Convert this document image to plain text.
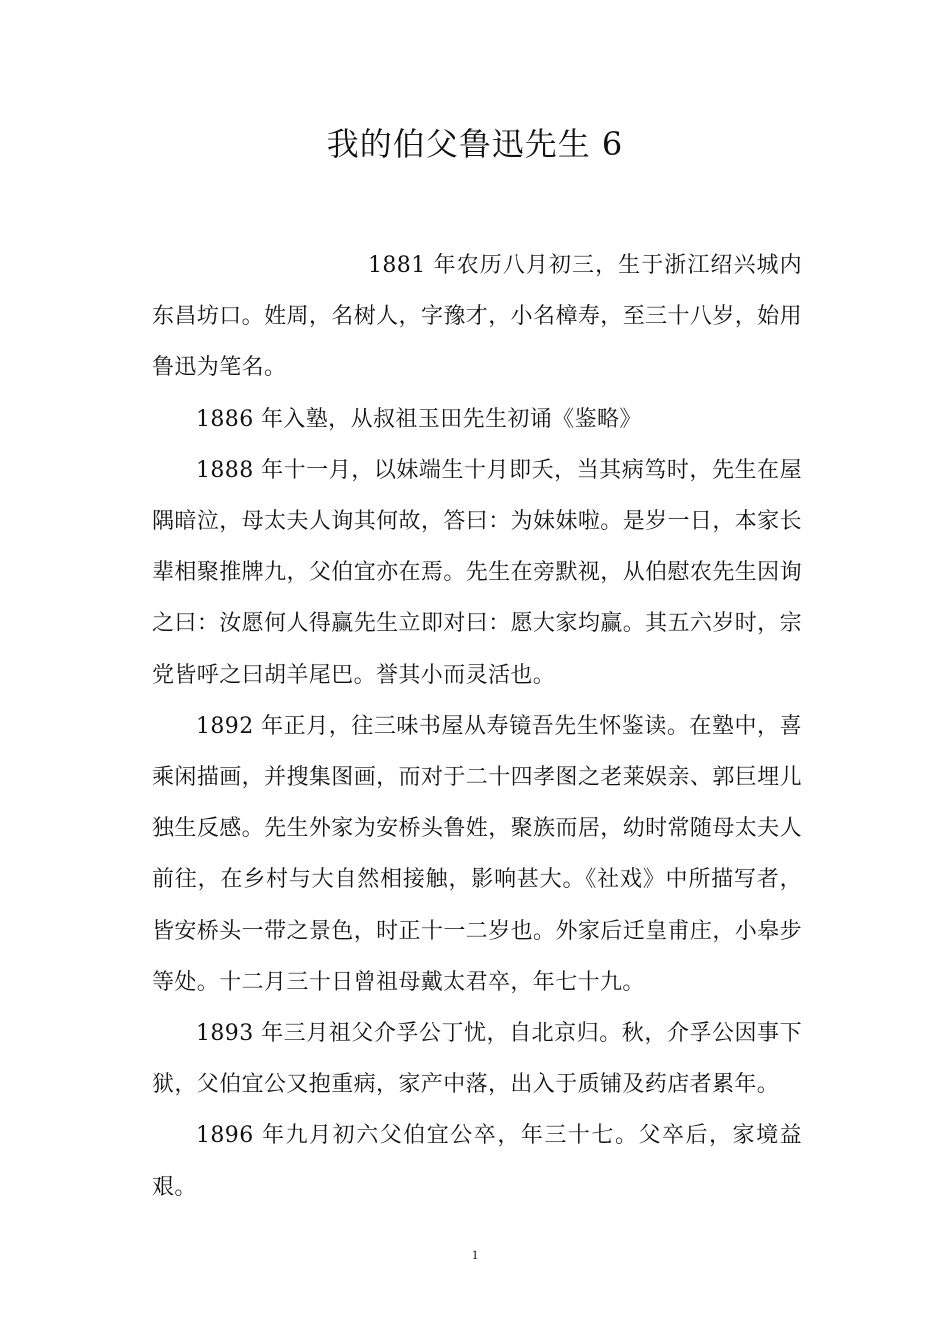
我的伯父鲁迅先生 6

1881 年农历八月初三，生于浙江绍兴城内东昌坊口。姓周，名树人，字豫才，小名樟寿，至三十八岁，始用鲁迅为笔名。

1886 年入塾，从叔祖玉田先生初诵《鉴略》

1888 年十一月，以妹端生十月即夭，当其病笃时，先生在屋隅暗泣，母太夫人询其何故，答曰：为妹妹啦。是岁一日，本家长辈相聚推牌九，父伯宜亦在焉。先生在旁默视，从伯慰农先生因询之曰：汝愿何人得赢先生立即对曰：愿大家均赢。其五六岁时，宗党皆呼之曰胡羊尾巴。誉其小而灵活也。

1892 年正月，往三味书屋从寿镜吾先生怀鉴读。在塾中，喜乘闲描画，并搜集图画，而对于二十四孝图之老莱娱亲、郭巨埋儿独生反感。先生外家为安桥头鲁姓，聚族而居，幼时常随母太夫人前往，在乡村与大自然相接触，影响甚大。《社戏》中所描写者，皆安桥头一带之景色，时正十一二岁也。外家后迁皇甫庄，小皋步等处。十二月三十日曾祖母戴太君卒，年七十九。

1893 年三月祖父介孚公丁忧，自北京归。秋，介孚公因事下狱，父伯宜公又抱重病，家产中落，出入于质铺及药店者累年。

1896 年九月初六父伯宜公卒，年三十七。父卒后，家境益艰。

1
